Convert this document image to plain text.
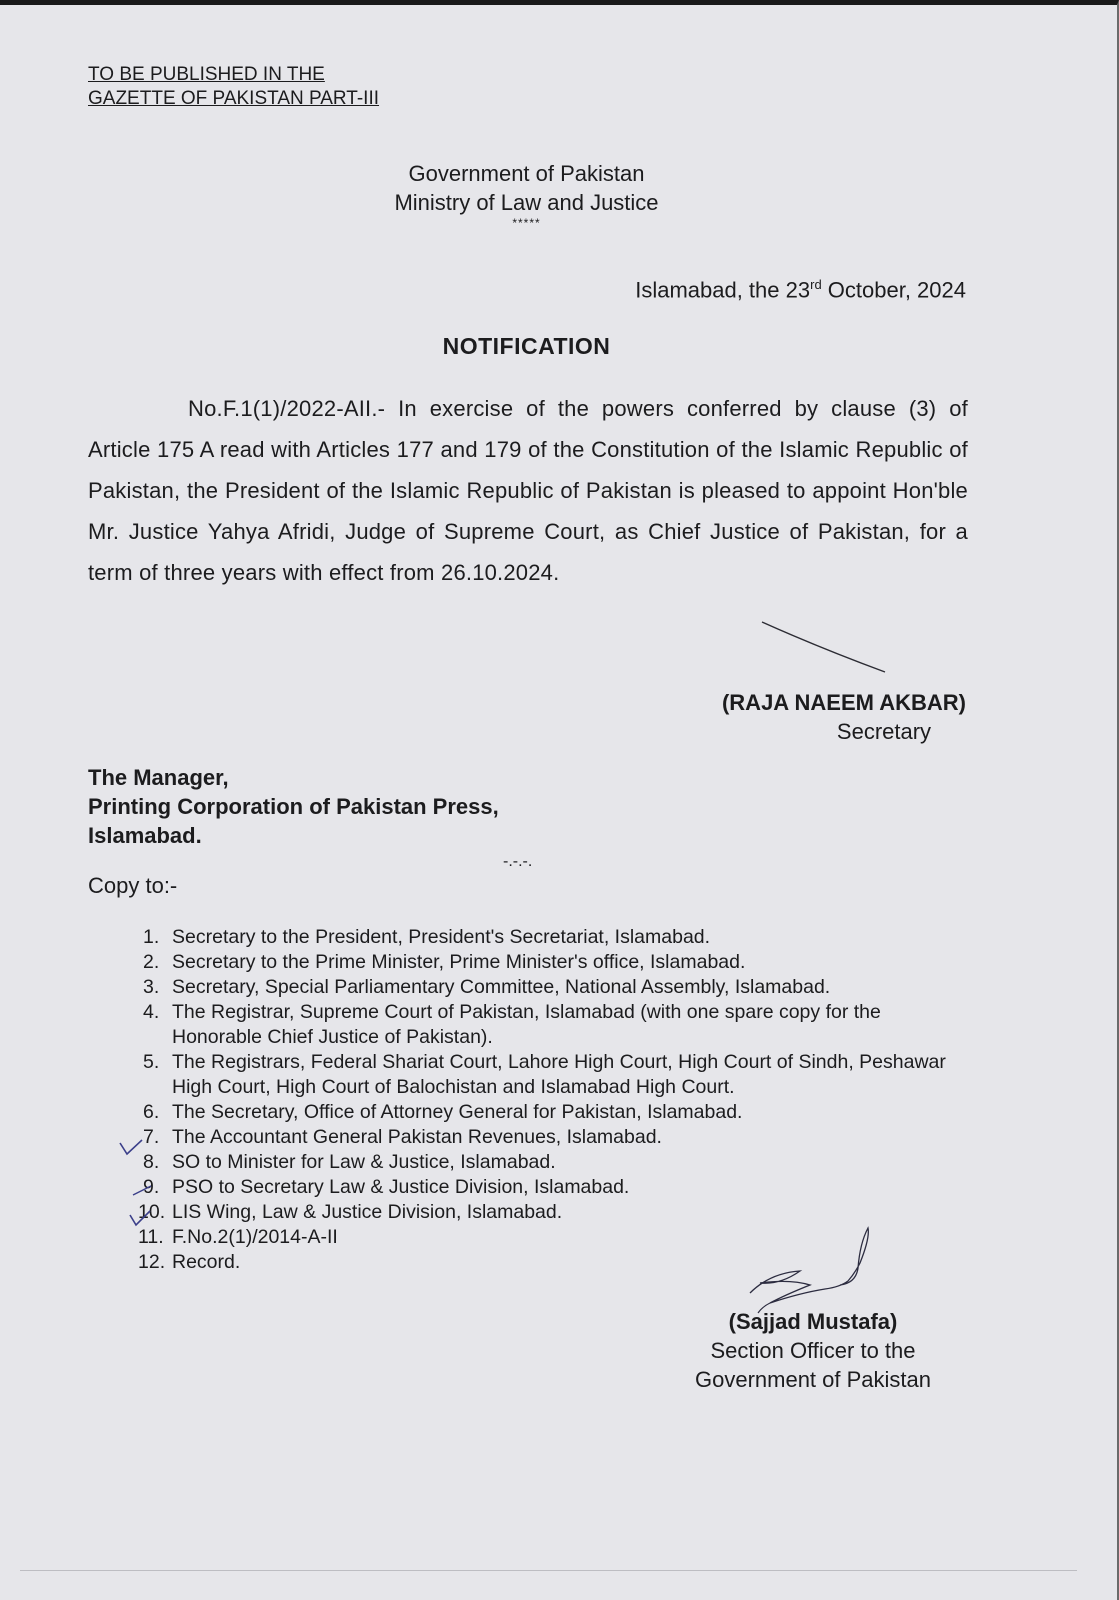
TO BE PUBLISHED IN THE
GAZETTE OF PAKISTAN PART-III
Government of Pakistan
Ministry of Law and Justice
*****
Islamabad, the 23rd October, 2024
NOTIFICATION
No.F.1(1)/2022-AII.- In exercise of the powers conferred by clause (3) of Article 175 A read with Articles 177 and 179 of the Constitution of the Islamic Republic of Pakistan, the President of the Islamic Republic of Pakistan is pleased to appoint Hon'ble Mr. Justice Yahya Afridi, Judge of Supreme Court, as Chief Justice of Pakistan, for a term of three years with effect from 26.10.2024.
(RAJA NAEEM AKBAR)
Secretary
The Manager,
Printing Corporation of Pakistan Press,
Islamabad.
-.-.-.
Copy to:-
1. Secretary to the President, President's Secretariat, Islamabad.
2. Secretary to the Prime Minister, Prime Minister's office, Islamabad.
3. Secretary, Special Parliamentary Committee, National Assembly, Islamabad.
4. The Registrar, Supreme Court of Pakistan, Islamabad (with one spare copy for the Honorable Chief Justice of Pakistan).
5. The Registrars, Federal Shariat Court, Lahore High Court, High Court of Sindh, Peshawar High Court, High Court of Balochistan and Islamabad High Court.
6. The Secretary, Office of Attorney General for Pakistan, Islamabad.
7. The Accountant General Pakistan Revenues, Islamabad.
8. SO to Minister for Law & Justice, Islamabad.
9. PSO to Secretary Law & Justice Division, Islamabad.
10. LIS Wing, Law & Justice Division, Islamabad.
11. F.No.2(1)/2014-A-II
12. Record.
(Sajjad Mustafa)
Section Officer to the
Government of Pakistan
